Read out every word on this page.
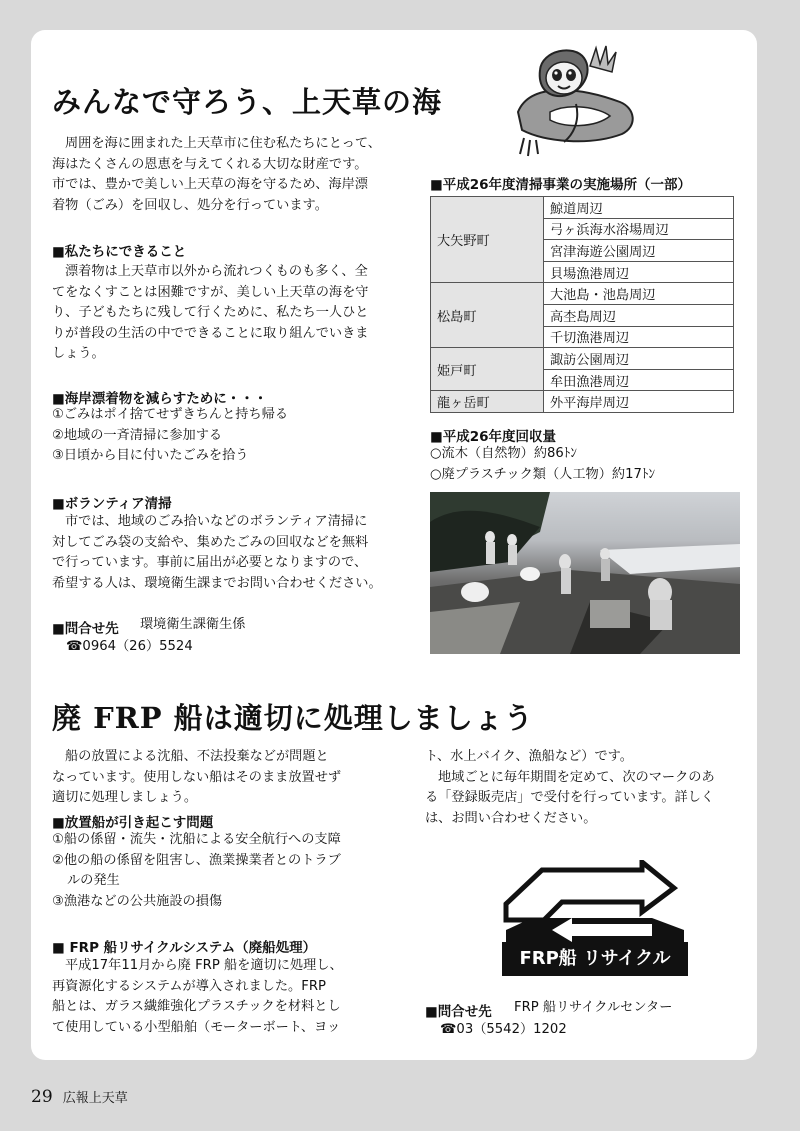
みんなで守ろう、上天草の海
周囲を海に囲まれた上天草市に住む私たちにとって、
海はたくさんの恩恵を与えてくれる大切な財産です。
市では、豊かで美しい上天草の海を守るため、海岸漂
着物（ごみ）を回収し、処分を行っています。
■私たちにできること
漂着物は上天草市以外から流れつくものも多く、全
てをなくすことは困難ですが、美しい上天草の海を守
り、子どもたちに残して行くために、私たち一人ひと
りが普段の生活の中でできることに取り組んでいきま
しょう。
■海岸漂着物を減らすために・・・
①ごみはポイ捨てせずきちんと持ち帰る
②地域の一斉清掃に参加する
③日頃から目に付いたごみを拾う
■ボランティア清掃
市では、地域のごみ拾いなどのボランティア清掃に
対してごみ袋の支給や、集めたごみの回収などを無料
で行っています。事前に届出が必要となりますので、
希望する人は、環境衛生課までお問い合わせください。
■問合せ先 環境衛生課衛生係
☎0964（26）5524
■平成26年度清掃事業の実施場所（一部）
大矢野町	鯨道周辺
	弓ヶ浜海水浴場周辺
	宮津海遊公園周辺
	貝場漁港周辺
松島町	大池島・池島周辺
	高杢島周辺
	千切漁港周辺
姫戸町	諏訪公園周辺
	牟田漁港周辺
龍ヶ岳町	外平海岸周辺
■平成26年度回収量
○流木（自然物）約86ﾄﾝ
○廃プラスチック類（人工物）約17ﾄﾝ
廃 FRP 船は適切に処理しましょう
船の放置による沈船、不法投棄などが問題と
なっています。使用しない船はそのまま放置せず
適切に処理しましょう。
■放置船が引き起こす問題
①船の係留・流失・沈船による安全航行への支障
②他の船の係留を阻害し、漁業操業者とのトラブ
ルの発生
③漁港などの公共施設の損傷
■ FRP 船リサイクルシステム（廃船処理）
平成17年11月から廃 FRP 船を適切に処理し、
再資源化するシステムが導入されました。FRP
船とは、ガラス繊維強化プラスチックを材料とし
て使用している小型船舶（モーターボート、ヨッ
ト、水上バイク、漁船など）です。
地域ごとに毎年期間を定めて、次のマークのあ
る「登録販売店」で受付を行っています。詳しく
は、お問い合わせください。
FRP船 リサイクル
■問合せ先 FRP 船リサイクルセンター
☎03（5542）1202
29 広報上天草
